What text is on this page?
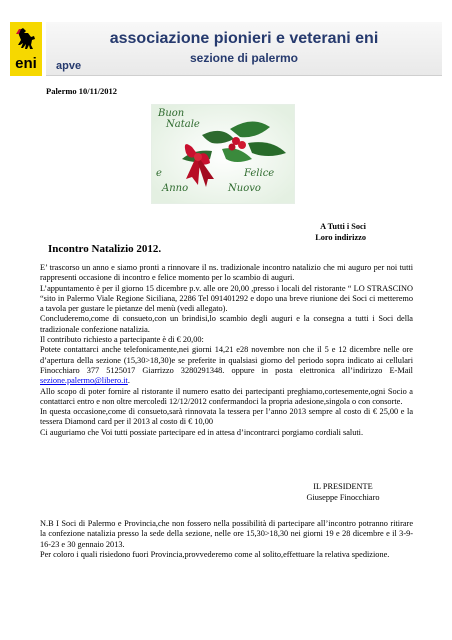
eni
associazione pionieri e veterani eni
sezione di palermo
apve
Palermo 10/11/2012
Buon
Natale
e	Felice
Anno	Nuovo
A Tutti i Soci
Loro indirizzo
Incontro Natalizio 2012.

E’ trascorso un anno e siamo pronti a rinnovare il ns. tradizionale incontro natalizio che mi auguro per noi tutti rappresenti occasione di incontro e felice momento per lo scambio di auguri.

L’appuntamento è per il giorno 15 dicembre p.v. alle ore 20,00 ,presso i locali del ristorante “ LO STRASCINO “sito in Palermo Viale Regione Siciliana, 2286 Tel 091401292 e dopo una breve riunione dei Soci ci metteremo a tavola per gustare le pietanze del menù (vedi allegato).

Concluderemo,come di consueto,con un brindisi,lo scambio degli auguri e la consegna a tutti i Soci della tradizionale confezione natalizia.

Il contributo richiesto a partecipante è di € 20,00:

Potete contattarci anche telefonicamente,nei giorni 14,21 e28 novembre non che il 5 e 12 dicembre nelle ore d’apertura della sezione (15,30>18,30)e se preferite in qualsiasi giorno del periodo sopra indicato ai cellulari Finocchiaro 377 5125017 Giarrizzo 3280291348. oppure in posta elettronica all’indirizzo E-Mail sezione.palermo@libero.it.

Allo scopo di poter fornire al ristorante il numero esatto dei partecipanti preghiamo,cortesemente,ogni Socio a contattarci entro e non oltre mercoledì 12/12/2012 confermandoci la propria adesione,singola o con consorte.

In questa occasione,come di consueto,sarà rinnovata la tessera per l’anno 2013 sempre al costo di € 25,00 e la tessera Diamond card per il 2013 al costo di € 10,00

Ci auguriamo che Voi tutti possiate partecipare ed in attesa d’incontrarci porgiamo cordiali saluti.

IL PRESIDENTE
Giuseppe Finocchiaro

N.B I Soci di Palermo e Provincia,che non fossero nella possibilità di partecipare all’incontro potranno ritirare la confezione natalizia presso la sede della sezione, nelle ore 15,30>18,30 nei giorni 19 e 28 dicembre e il 3-9-16-23 e 30 gennaio 2013.

Per coloro i quali risiedono fuori Provincia,provvederemo come al solito,effettuare la relativa spedizione.
